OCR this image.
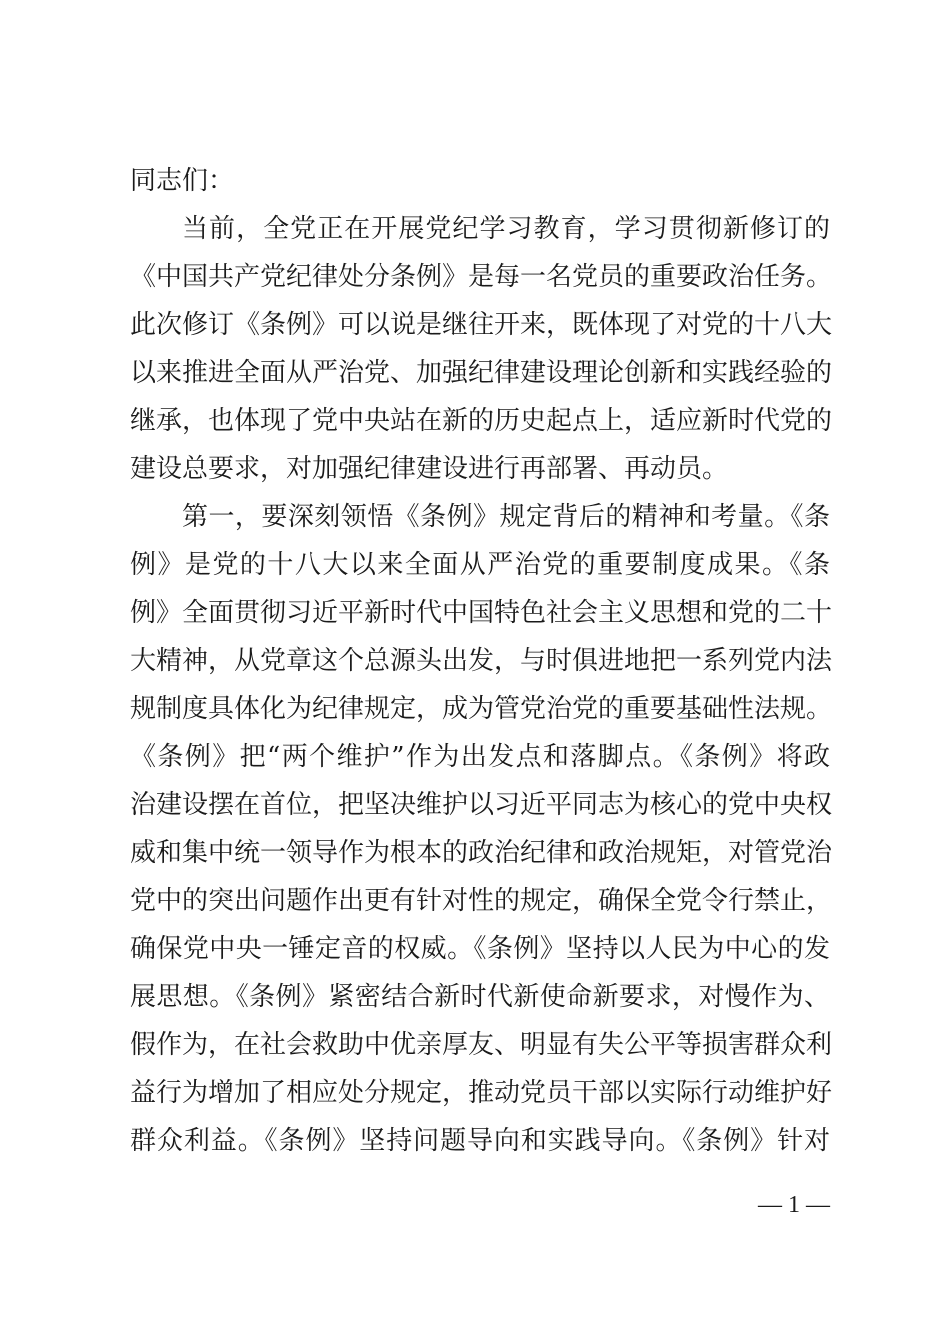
同志们：
当前，全党正在开展党纪学习教育，学习贯彻新修订的
《中国共产党纪律处分条例》是每一名党员的重要政治任务。
此次修订《条例》可以说是继往开来，既体现了对党的十八大
以来推进全面从严治党、加强纪律建设理论创新和实践经验的
继承，也体现了党中央站在新的历史起点上，适应新时代党的
建设总要求，对加强纪律建设进行再部署、再动员。
第一，要深刻领悟《条例》规定背后的精神和考量。《条
例》是党的十八大以来全面从严治党的重要制度成果。《条
例》全面贯彻习近平新时代中国特色社会主义思想和党的二十
大精神，从党章这个总源头出发，与时俱进地把一系列党内法
规制度具体化为纪律规定，成为管党治党的重要基础性法规。
《条例》把“两个维护”作为出发点和落脚点。《条例》将政
治建设摆在首位，把坚决维护以习近平同志为核心的党中央权
威和集中统一领导作为根本的政治纪律和政治规矩，对管党治
党中的突出问题作出更有针对性的规定，确保全党令行禁止，
确保党中央一锤定音的权威。《条例》坚持以人民为中心的发
展思想。《条例》紧密结合新时代新使命新要求，对慢作为、
假作为，在社会救助中优亲厚友、明显有失公平等损害群众利
益行为增加了相应处分规定，推动党员干部以实际行动维护好
群众利益。《条例》坚持问题导向和实践导向。《条例》针对
— 1 —
